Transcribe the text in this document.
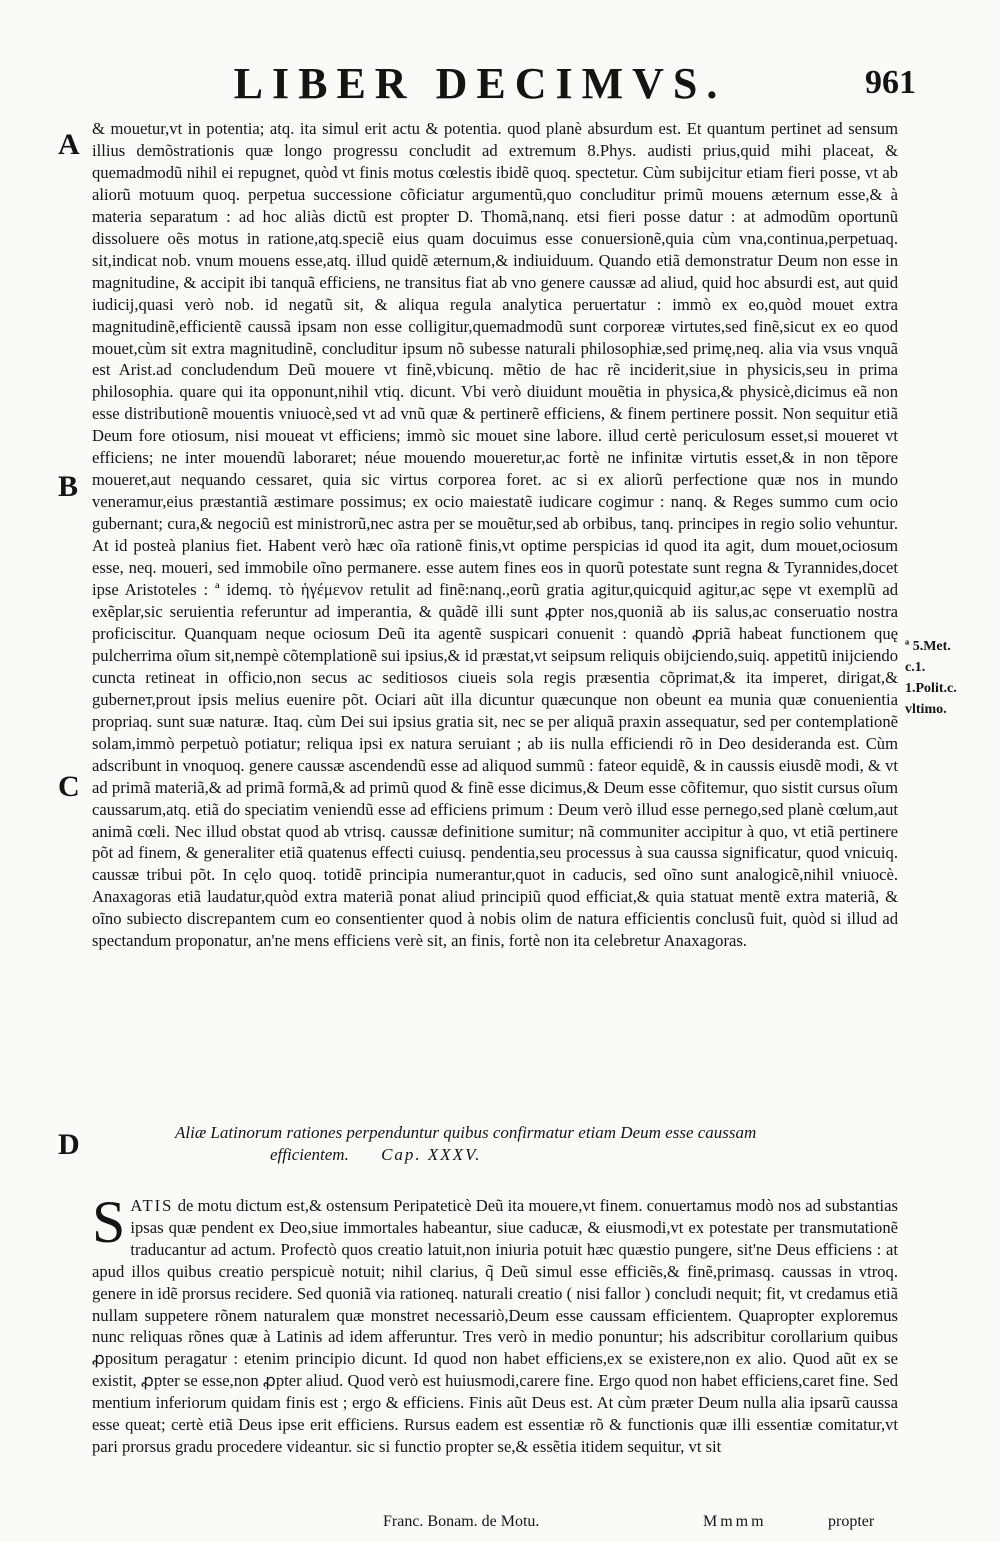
LIBER DECIMVS.	961
A
B
C
D
& mouetur,vt in potentia; atq. ita simul erit actu & potentia. quod planè absurdum est. Et quantum pertinet ad sensum illius demõstrationis quæ longo progressu concludit ad extremum 8.Phys. audisti prius,quid mihi placeat, & quemadmodũ nihil ei repugnet, quòd vt finis motus cœlestis ibidẽ quoq. spectetur. Cùm subijcitur etiam fieri posse, vt ab aliorũ motuum quoq. perpetua successione cõficiatur argumentũ,quo concluditur primũ mouens æternum esse,& à materia separatum : ad hoc aliàs dictũ est propter D. Thomã,nanq. etsi fieri posse datur : at admodũm oportunũ dissoluere oẽs motus in ratione,atq.speciẽ eius quam docuimus esse conuersionẽ,quia cùm vna,continua,perpetuaq. sit,indicat nob. vnum mouens esse,atq. illud quidẽ æternum,& indiuiduum. Quando etiã demonstratur Deum non esse in magnitudine, & accipit ibi tanquã efficiens, ne transitus fiat ab vno genere caussæ ad aliud, quid hoc absurdi est, aut quid iudicij,quasi verò nob. id negatũ sit, & aliqua regula analytica peruertatur : immò ex eo,quòd mouet extra magnitudinẽ,efficientẽ caussã ipsam non esse colligitur,quemadmodũ sunt corporeæ virtutes,sed finẽ,sicut ex eo quod mouet,cùm sit extra magnitudinẽ, concluditur ipsum nõ subesse naturali philosophiæ,sed primę,neq. alia via vsus vnquã est Arist.ad concludendum Deũ mouere vt finẽ,vbicunq. mẽtio de hac rẽ inciderit,siue in physicis,seu in prima philosophia. quare qui ita opponunt,nihil vtiq. dicunt. Vbi verò diuidunt mouẽtia in physica,& physicè,dicimus eã non esse distributionẽ mouentis vniuocè,sed vt ad vnũ quæ & pertinerẽ efficiens, & finem pertinere possit. Non sequitur etiã Deum fore otiosum, nisi moueat vt efficiens; immò sic mouet sine labore. illud certè periculosum esset,si moueret vt efficiens; ne inter mouendũ laboraret; néue mouendo moueretur,ac fortè ne infinitæ virtutis esset,& in non tẽpore moueret,aut nequando cessaret, quia sic virtus corporea foret. ac si ex aliorũ perfectione quæ nos in mundo veneramur,eius præstantiã æstimare possimus; ex ocio maiestatẽ iudicare cogimur : nanq. & Reges summo cum ocio gubernant; cura,& negociũ est ministrorũ,nec astra per se mouẽtur,sed ab orbibus, tanq. principes in regio solio vehuntur. At id posteà planius fiet. Habent verò hæc oĩa rationẽ finis,vt optime perspicias id quod ita agit, dum mouet,ociosum esse, neq. moueri, sed immobile oĩno permanere. esse autem fines eos in quorũ potestate sunt regna & Tyrannides,docet ipse Aristoteles : ª idemq. τὸ ἡγέμενον retulit ad finẽ:nanq.,eorũ gratia agitur,quicquid agitur,ac sępe vt exemplũ ad exẽplar,sic seruientia referuntur ad imperantia, & quãdẽ illi sunt ꝓpter nos,quoniã ab iis salus,ac conseruatio nostra proficiscitur. Quanquam neque ociosum Deũ ita agentẽ suspicari conuenit : quandò ꝓpriã habeat functionem quę pulcherrima oĩum sit,nempè cõtemplationẽ sui ipsius,& id præstat,vt seipsum reliquis obijciendo,suiq. appetitũ inijciendo cuncta retineat in officio,non secus ac seditiosos ciueis sola regis præsentia cõprimat,& ita imperet, dirigat,& guberneт,prout ipsis melius euenire põt. Ociari aũt illa dicuntur quæcunque non obeunt ea munia quæ conuenientia propriaq. sunt suæ naturæ. Itaq. cùm Dei sui ipsius gratia sit, nec se per aliquã praxin assequatur, sed per contemplationẽ solam,immò perpetuò potiatur; reliqua ipsi ex natura seruiant ; ab iis nulla efficiendi rõ in Deo desideranda est. Cùm adscribunt in vnoquoq. genere caussæ ascendendũ esse ad aliquod summũ : fateor equidẽ, & in caussis eiusdẽ modi, & vt ad primã materiã,& ad primã formã,& ad primũ quod & finẽ esse dicimus,& Deum esse cõfitemur, quo sistit cursus oĩum caussarum,atq. etiã do speciatim veniendũ esse ad efficiens primum : Deum verò illud esse pernego,sed planè cœlum,aut animã cœli. Nec illud obstat quod ab vtrisq. caussæ definitione sumitur; nã communiter accipitur à quo, vt etiã pertinere põt ad finem, & generaliter etiã quatenus effecti cuiusq. pendentia,seu processus à sua caussa significatur, quod vnicuiq. caussæ tribui põt. In cęlo quoq. totidẽ principia numerantur,quot in caducis, sed oĩno sunt analogicẽ,nihil vniuocè. Anaxagoras etiã laudatur,quòd extra materiã ponat aliud principiũ quod efficiat,& quia statuat mentẽ extra materiã, & oĩno subiecto discrepantem cum eo consentienter quod à nobis olim de natura efficientis conclusũ fuit, quòd si illud ad spectandum proponatur, an'ne mens efficiens verè sit, an finis, fortè non ita celebretur Anaxagoras.
ª 5.Met.
c.1.
1.Polit.c.
vltimo.
Aliæ Latinorum rationes perpenduntur quibus confirmatur etiam Deum esse caussam
efficientem. Cap. XXXV.
SATIS de motu dictum est,& ostensum Peripateticè Deũ ita mouere,vt finem. conuertamus modò nos ad substantias ipsas quæ pendent ex Deo,siue immortales habeantur, siue caducæ, & eiusmodi,vt ex potestate per transmutationẽ traducantur ad actum. Profectò quos creatio latuit,non iniuria potuit hæc quæstio pungere, sit'ne Deus efficiens : at apud illos quibus creatio perspicuè notuit; nihil clarius, q̃ Deũ simul esse efficiẽs,& finẽ,primasq. caussas in vtroq. genere in idẽ prorsus recidere. Sed quoniã via rationeq. naturali creatio ( nisi fallor ) concludi nequit; fit, vt credamus etiã nullam suppetere rõnem naturalem quæ monstret necessariò,Deum esse caussam efficientem. Quapropter exploremus nunc reliquas rõnes quæ à Latinis ad idem afferuntur. Tres verò in medio ponuntur; his adscribitur corollarium quibus ꝓpositum peragatur : etenim principio dicunt. Id quod non habet efficiens,ex se existere,non ex alio. Quod aũt ex se existit, ꝓpter se esse,non ꝓpter aliud. Quod verò est huiusmodi,carere fine. Ergo quod non habet efficiens,caret fine. Sed mentium inferiorum quidam finis est ; ergo & efficiens. Finis aũt Deus est. At cùm præter Deum nulla alia ipsarũ caussa esse queat; certè etiã Deus ipse erit efficiens. Rursus eadem est essentiæ rõ & functionis quæ illi essentiæ comitatur,vt pari prorsus gradu procedere videantur. sic si functio propter se,& essẽtia itidem sequitur, vt sit
Franc. Bonam. de Motu.	Mmmm	propter
